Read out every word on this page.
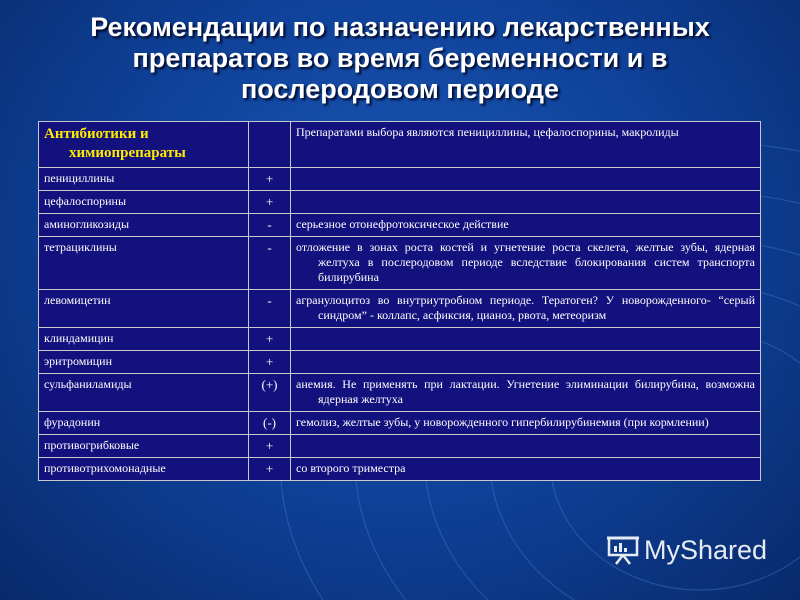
Рекомендации по назначению лекарственных
препаратов во время беременности и в
послеродовом периоде
Антибиотики и химиопрепараты		Препаратами выбора являются пенициллины, цефалоспорины, макролиды

пенициллины	+	

цефалоспорины	+	

аминогликозиды	-	серьезное отонефротоксическое действие

тетрациклины	-	отложение в зонах роста костей и угнетение роста скелета, желтые зубы, ядерная желтуха в послеродовом периоде вследствие блокирования систем транспорта билирубина

левомицетин	-	агранулоцитоз во внутриутробном периоде. Тератоген? У новорожденного- “серый синдром” - коллапс, асфиксия, цианоз, рвота, метеоризм

клиндамицин	+	

эритромицин	+	

сульфаниламиды	(+)	анемия. Не применять при лактации. Угнетение элиминации билирубина, возможна ядерная желтуха

фурадонин	(-)	гемолиз, желтые зубы, у новорожденного гипербилирубинемия (при кормлении)

противогрибковые	+	

противотрихомонадные	+	со второго триместра
MyShared
